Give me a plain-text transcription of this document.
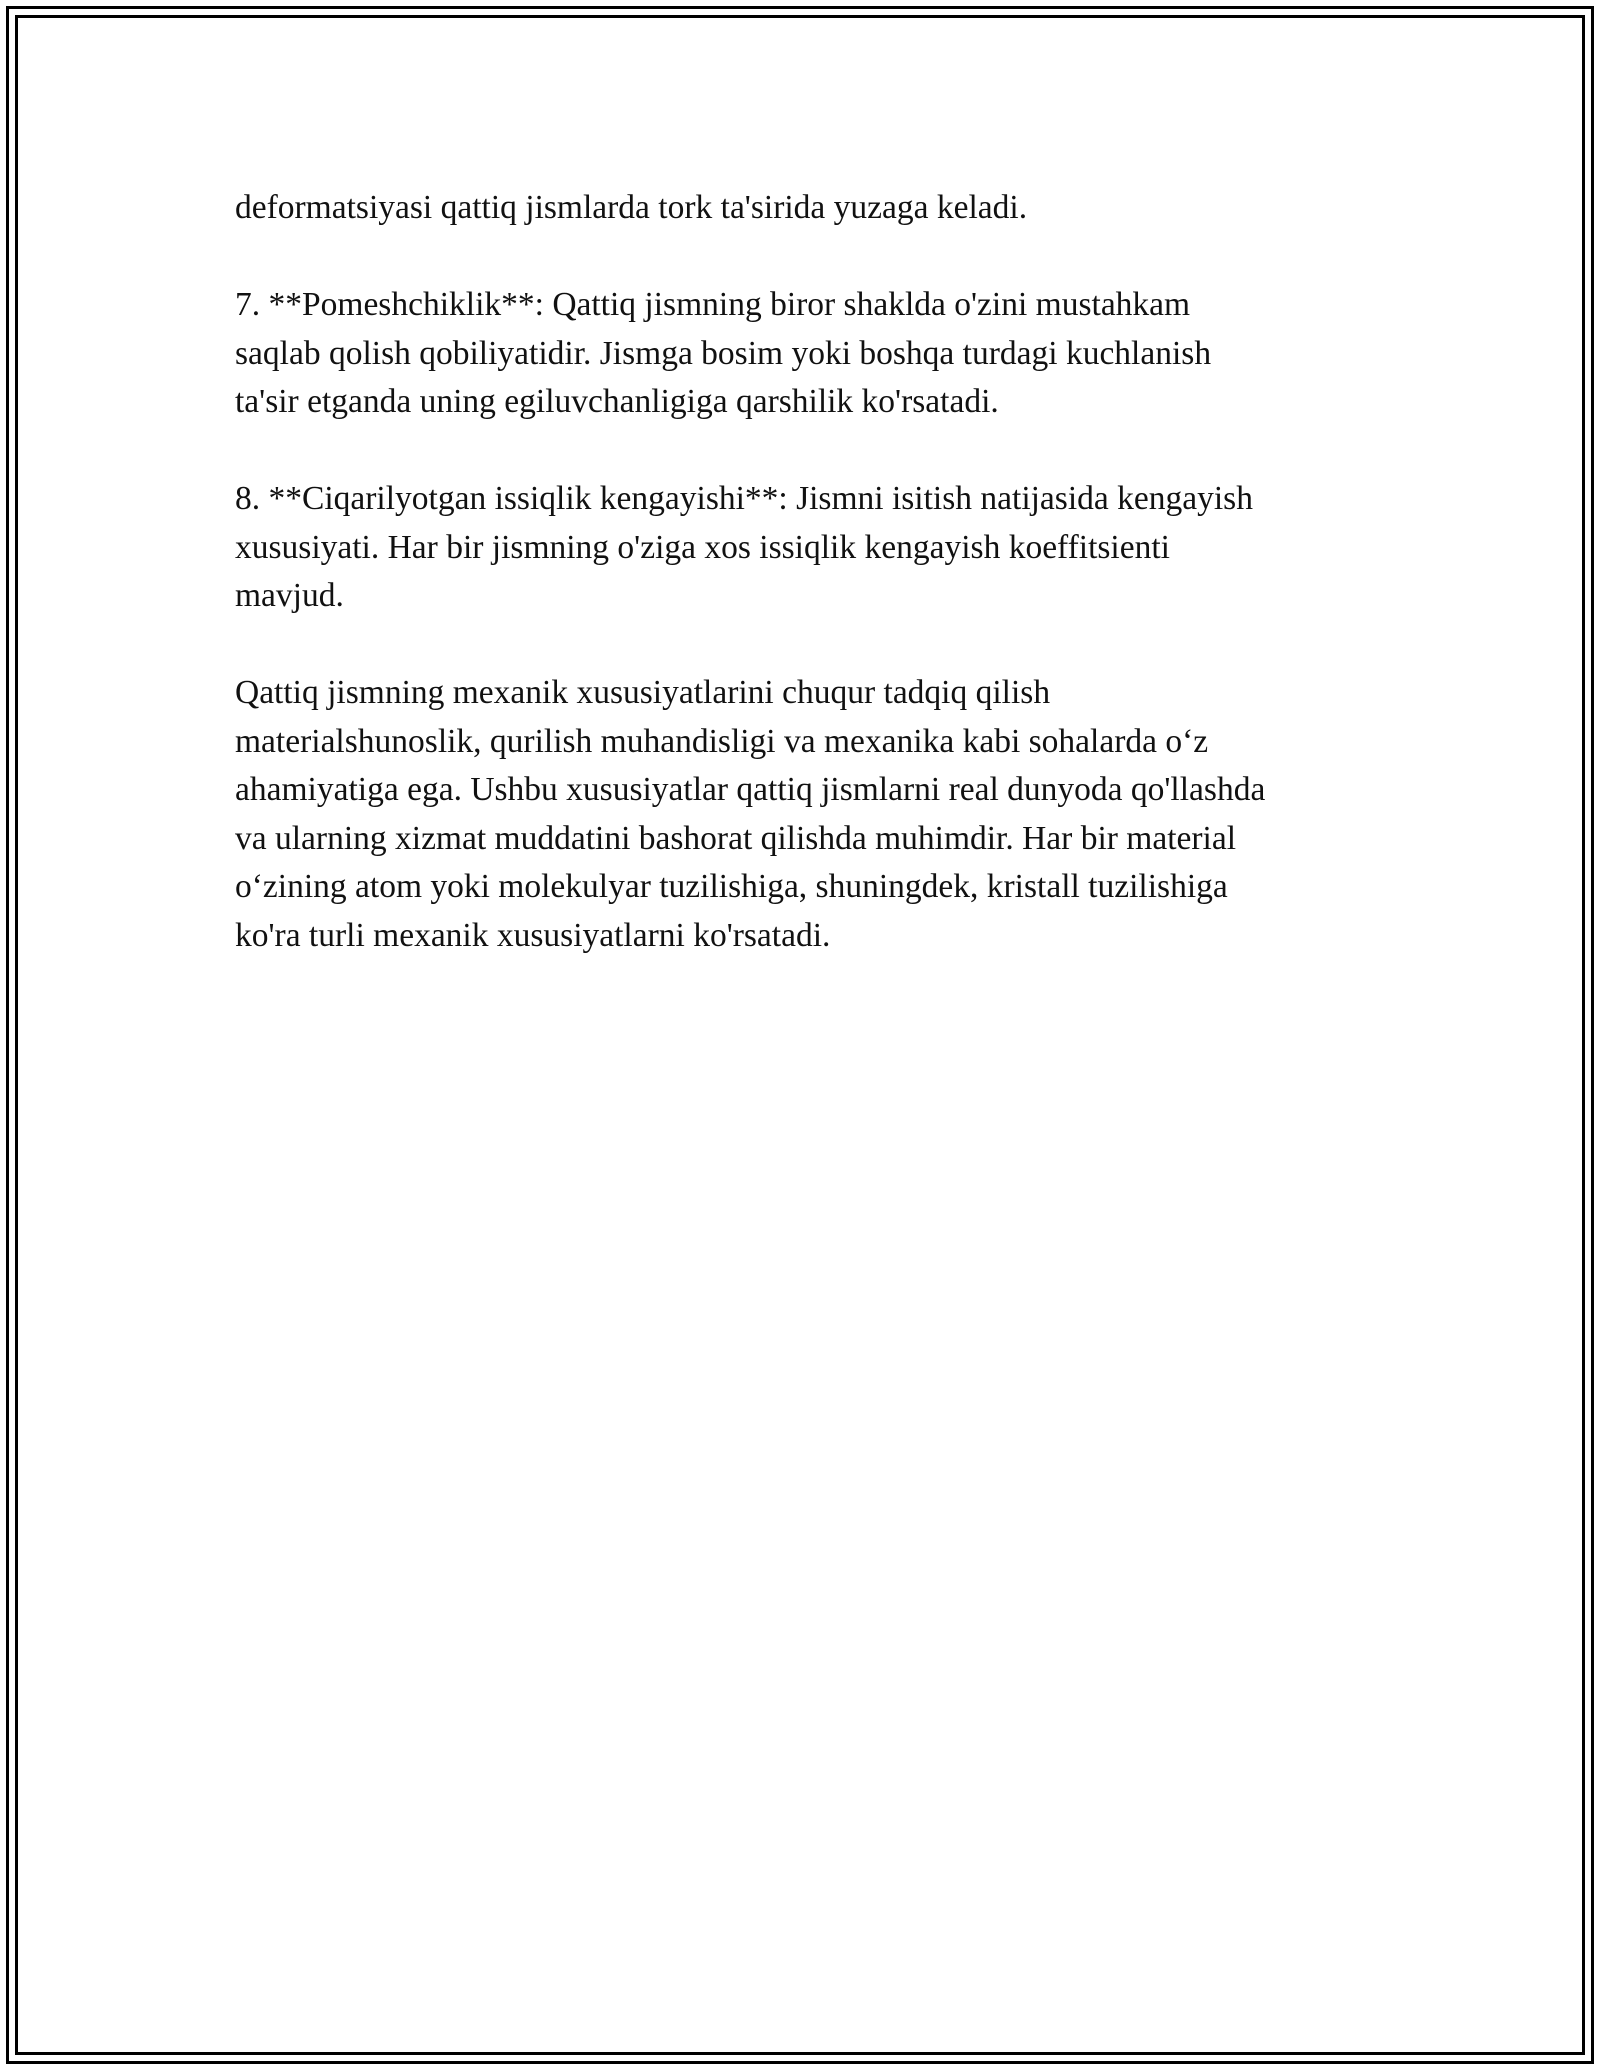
deformatsiyasi qattiq jismlarda tork ta'sirida yuzaga keladi.

7. **Pomeshchiklik**: Qattiq jismning biror shaklda o'zini mustahkam
saqlab qolish qobiliyatidir. Jismga bosim yoki boshqa turdagi kuchlanish
ta'sir etganda uning egiluvchanligiga qarshilik ko'rsatadi.

8. **Ciqarilyotgan issiqlik kengayishi**: Jismni isitish natijasida kengayish
xususiyati. Har bir jismning o'ziga xos issiqlik kengayish koeffitsienti
mavjud.

Qattiq jismning mexanik xususiyatlarini chuqur tadqiq qilish
materialshunoslik, qurilish muhandisligi va mexanika kabi sohalarda o‘z
ahamiyatiga ega. Ushbu xususiyatlar qattiq jismlarni real dunyoda qo'llashda
va ularning xizmat muddatini bashorat qilishda muhimdir. Har bir material
o‘zining atom yoki molekulyar tuzilishiga, shuningdek, kristall tuzilishiga
ko'ra turli mexanik xususiyatlarni ko'rsatadi.
